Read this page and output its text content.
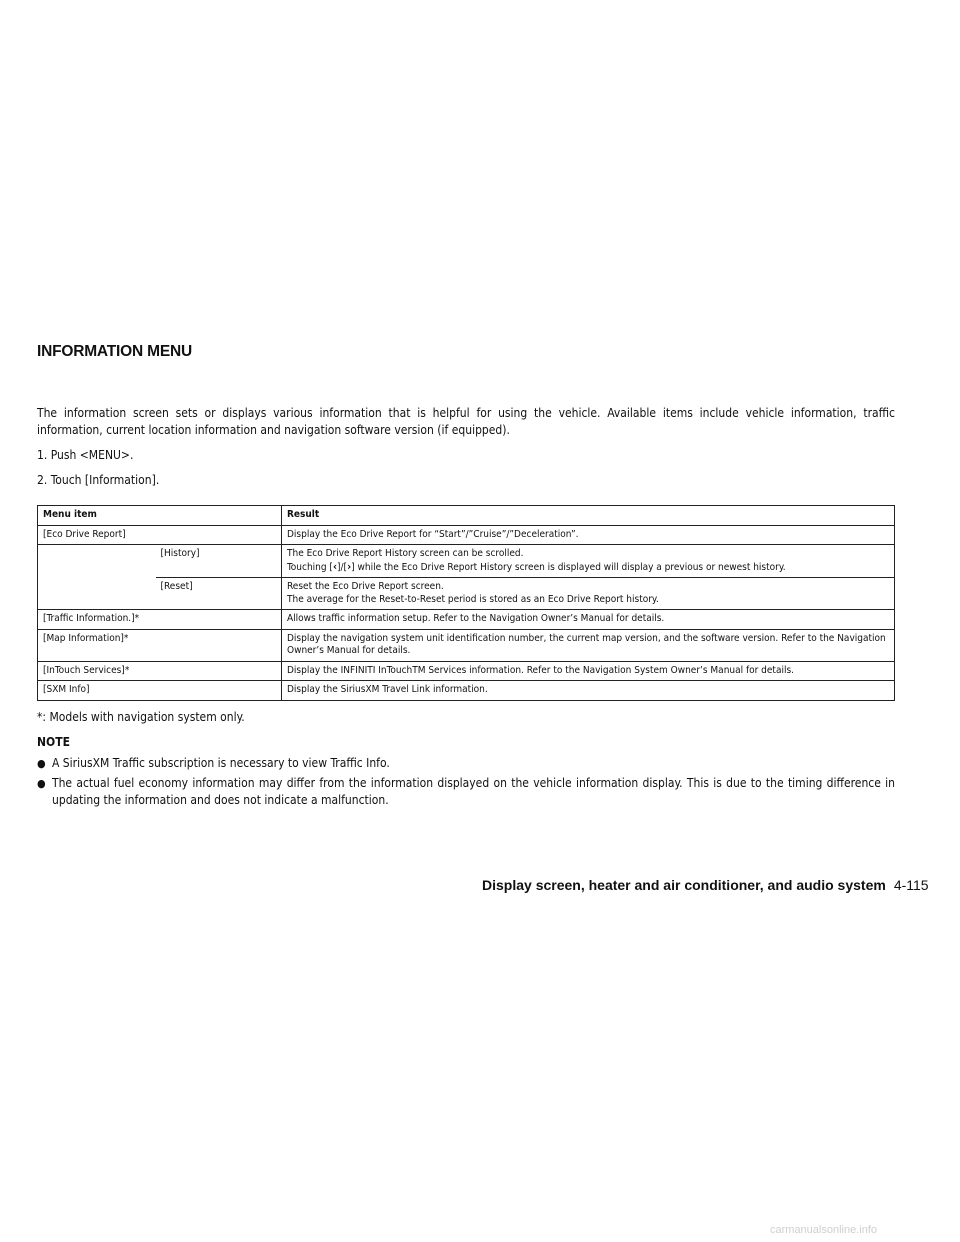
INFORMATION MENU

The information screen sets or displays various information that is helpful for using the vehicle. Available items include vehicle information, traffic information, current location information and navigation software version (if equipped).

1. Push <MENU>.

2. Touch [Information].

Menu item		Result
[Eco Drive Report]		Display the Eco Drive Report for “Start”/”Cruise”/”Deceleration”.
	[History]	The Eco Drive Report History screen can be scrolled.
Touching [‹]/[›] while the Eco Drive Report History screen is displayed will display a previous or newest history.

	[Reset]	Reset the Eco Drive Report screen.
The average for the Reset-to-Reset period is stored as an Eco Drive Report history.

[Traffic Information.]*		Allows traffic information setup. Refer to the Navigation Owner’s Manual for details.
[Map Information]*		Display the navigation system unit identification number, the current map version, and the software version. Refer to the Navigation Owner’s Manual for details.
[InTouch Services]*		Display the INFINITI InTouchTM Services information. Refer to the Navigation System Owner’s Manual for details.
[SXM Info]		Display the SiriusXM Travel Link information.

*: Models with navigation system only.

NOTE

● A SiriusXM Traffic subscription is necessary to view Traffic Info.
● The actual fuel economy information may differ from the information displayed on the vehicle information display. This is due to the timing difference in updating the information and does not indicate a malfunction.
Display screen, heater and air conditioner, and audio system 4-115
carmanualsonline.info
